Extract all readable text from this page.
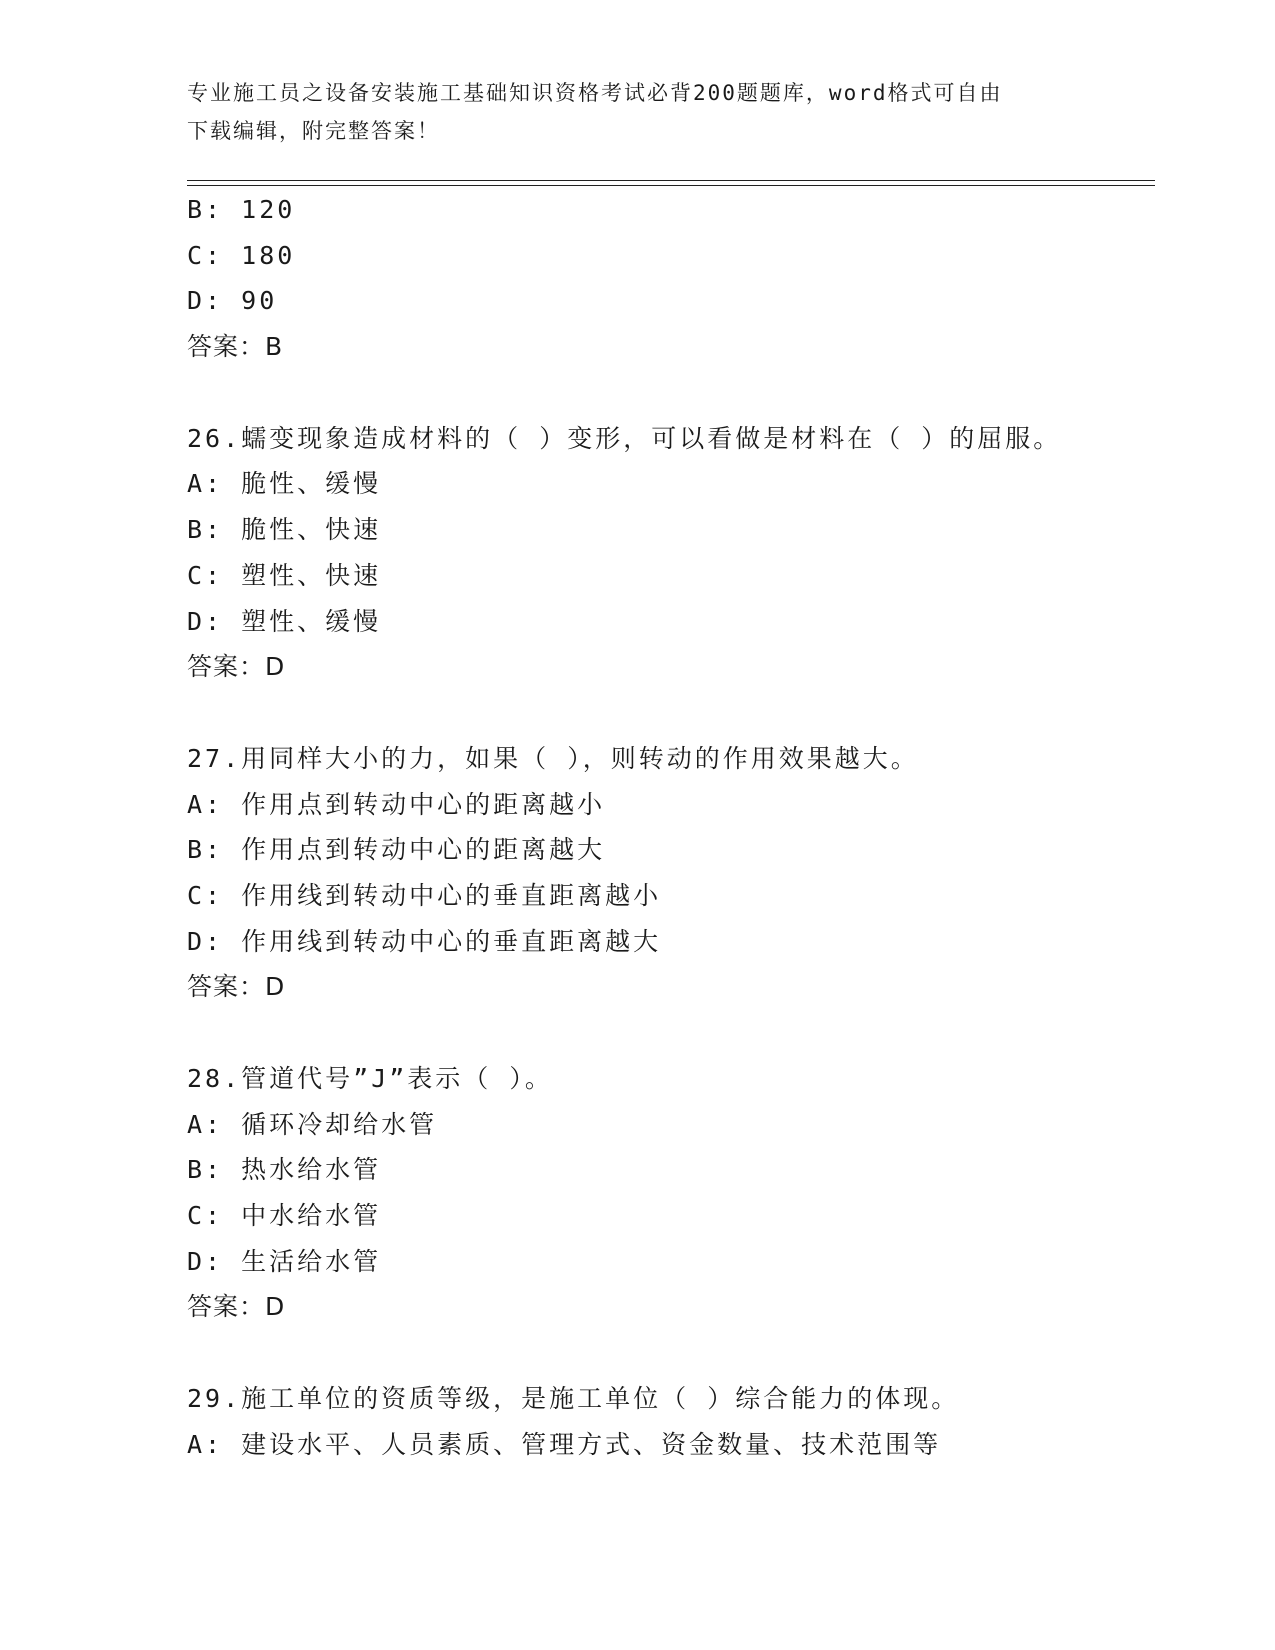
专业施工员之设备安装施工基础知识资格考试必背200题题库，word格式可自由
下载编辑，附完整答案！
B: 120
C: 180
D: 90
答案：B
26.蠕变现象造成材料的（ ）变形，可以看做是材料在（ ）的屈服。
A: 脆性、缓慢
B: 脆性、快速
C: 塑性、快速
D: 塑性、缓慢
答案：D
27.用同样大小的力，如果（ ），则转动的作用效果越大。
A: 作用点到转动中心的距离越小
B: 作用点到转动中心的距离越大
C: 作用线到转动中心的垂直距离越小
D: 作用线到转动中心的垂直距离越大
答案：D
28.管道代号”J”表示（ ）。
A: 循环冷却给水管
B: 热水给水管
C: 中水给水管
D: 生活给水管
答案：D
29.施工单位的资质等级，是施工单位（ ）综合能力的体现。
A: 建设水平、人员素质、管理方式、资金数量、技术范围等
